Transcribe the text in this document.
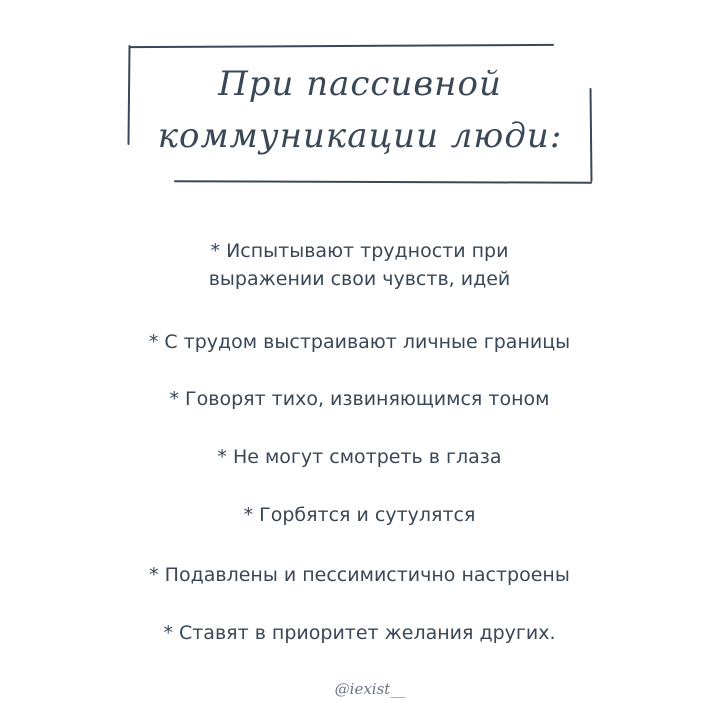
При пассивной
коммуникации люди:
* Испытывают трудности при
выражении свои чувств, идей
* С трудом выстраивают личные границы
* Говорят тихо, извиняющимся тоном
* Не могут смотреть в глаза
* Горбятся и сутулятся
* Подавлены и пессимистично настроены
* Ставят в приоритет желания других.
@iexist__
